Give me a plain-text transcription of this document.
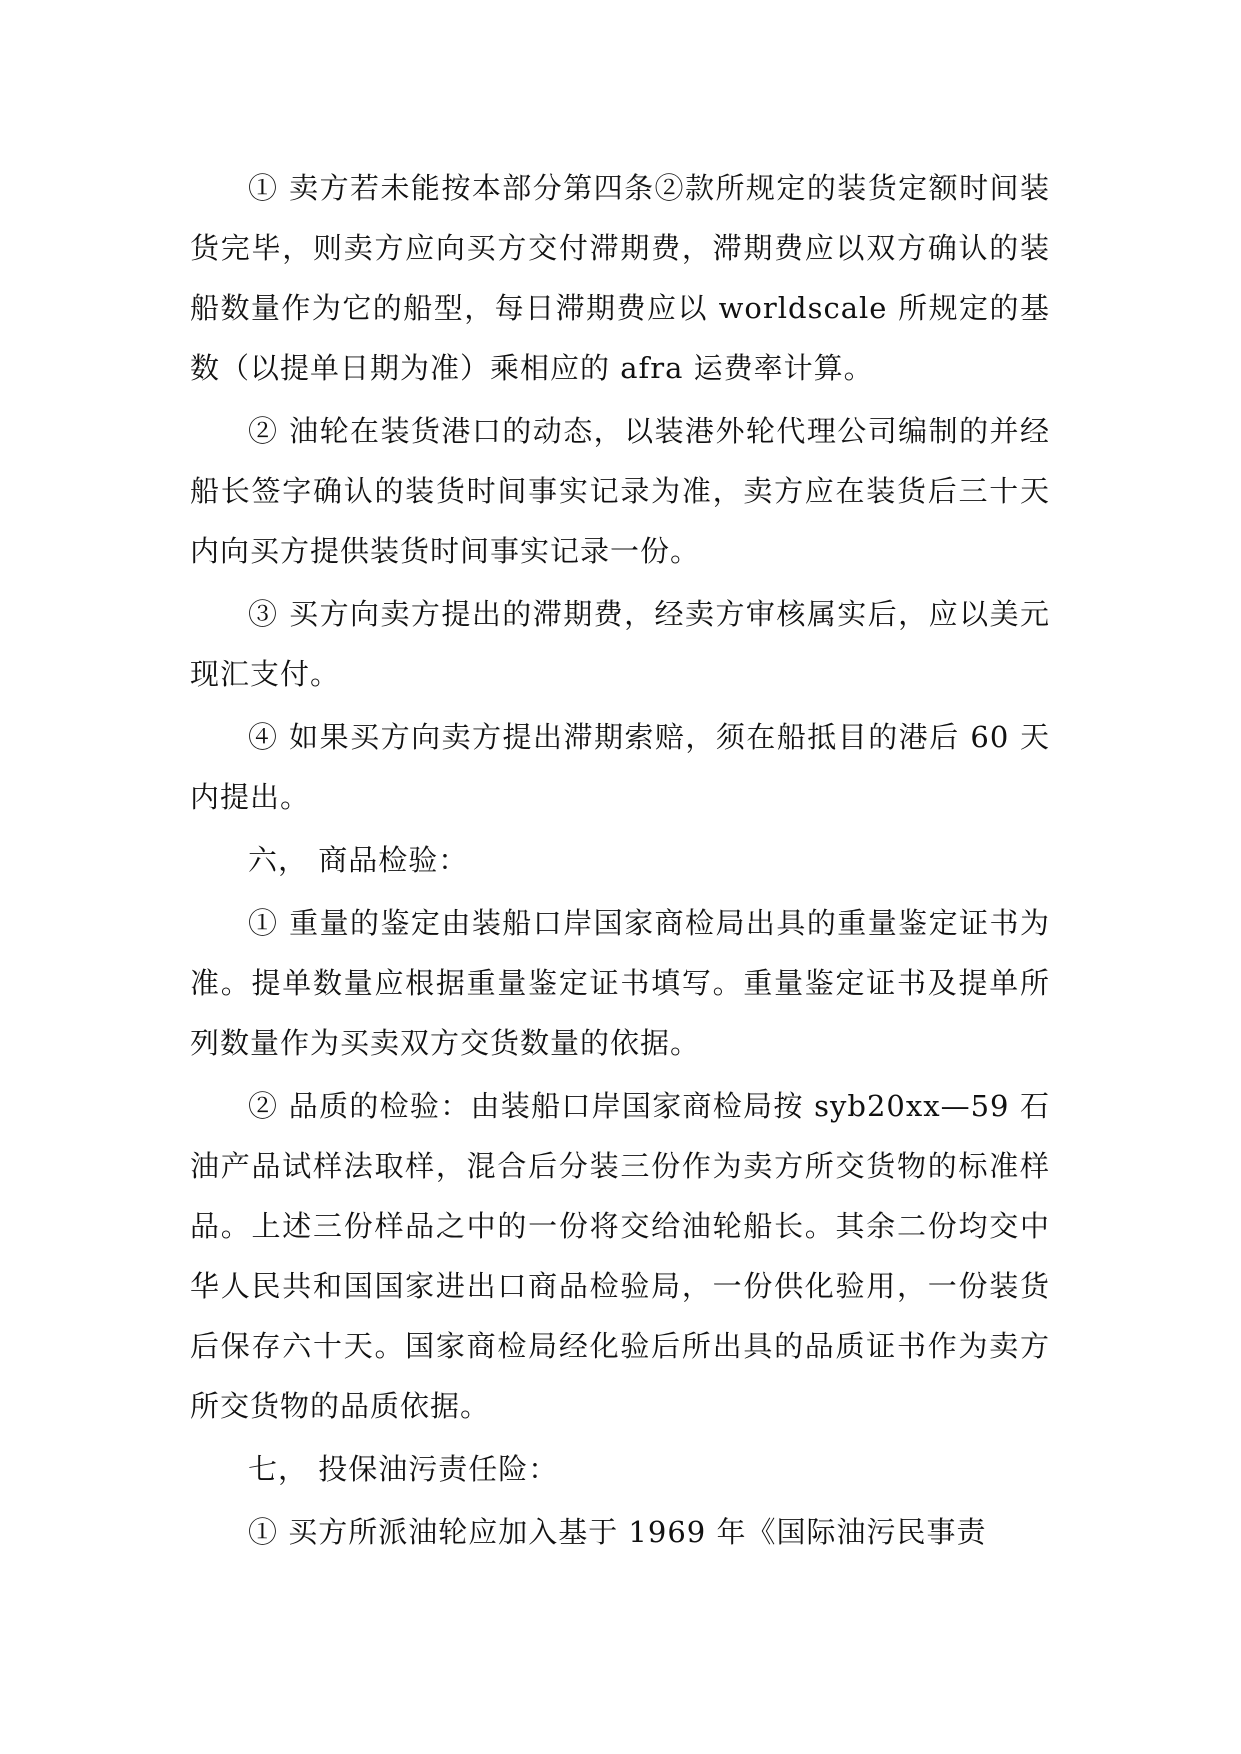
① 卖方若未能按本部分第四条②款所规定的装货定额时间装货完毕，则卖方应向买方交付滞期费，滞期费应以双方确认的装船数量作为它的船型，每日滞期费应以 worldscale 所规定的基数（以提单日期为准）乘相应的 afra 运费率计算。

② 油轮在装货港口的动态，以装港外轮代理公司编制的并经船长签字确认的装货时间事实记录为准，卖方应在装货后三十天内向买方提供装货时间事实记录一份。

③ 买方向卖方提出的滞期费，经卖方审核属实后，应以美元现汇支付。

④ 如果买方向卖方提出滞期索赔，须在船抵目的港后 60 天内提出。

六， 商品检验：

① 重量的鉴定由装船口岸国家商检局出具的重量鉴定证书为准。提单数量应根据重量鉴定证书填写。重量鉴定证书及提单所列数量作为买卖双方交货数量的依据。

② 品质的检验：由装船口岸国家商检局按 syb20xx—59 石油产品试样法取样，混合后分装三份作为卖方所交货物的标准样品。上述三份样品之中的一份将交给油轮船长。其余二份均交中华人民共和国国家进出口商品检验局，一份供化验用，一份装货后保存六十天。国家商检局经化验后所出具的品质证书作为卖方所交货物的品质依据。

七， 投保油污责任险：

① 买方所派油轮应加入基于 1969 年《国际油污民事责
